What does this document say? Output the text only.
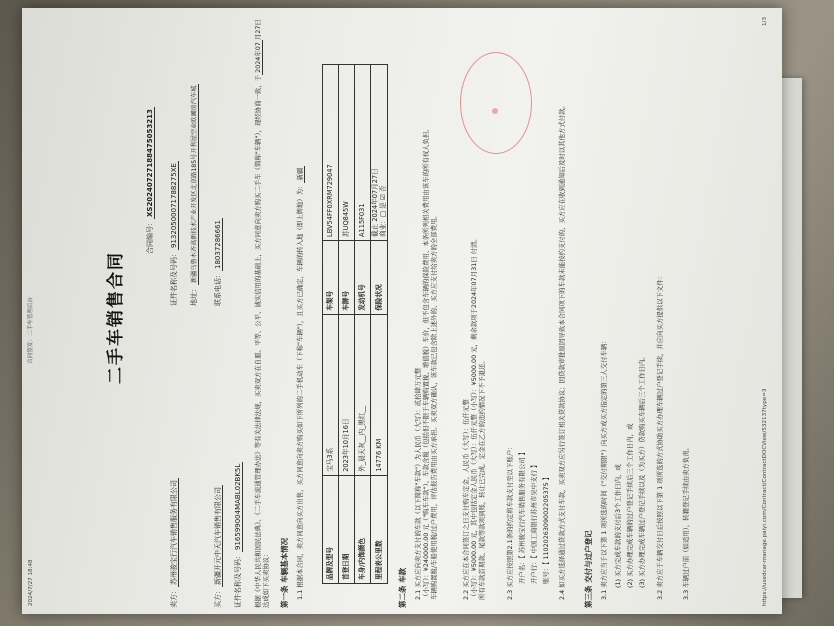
2024/7/27 18:48
合同签发：二手车管理后台
1/3
二手车销售合同
合同编号：XS20240727188475053213
卖方：苏州骏宝行汽车销售服务有限公司
证件名称及号码：91320500071788275XE
地址：新疆乌鲁木齐高新技术产业开发区北京路185号开利屋空业欧圃房汽车城
买方：新疆开元中天汽车销售有限公司 证件名称及号码：916599004MABL02BK5L
联系电话：18037286661	根据《中华人民共和国民法典》、《二手车流通管理办法》等有关法律法规，买卖双方在自愿、平等、公平、诚实信用的基础上，买方同意向卖方购买二手车（简称"车辆"），现经协商一致，于2024年07月27日 达成如下买卖协议： 第一条 车辆基本情况 1.1 根据本合同，卖方同意向买方出售，买方同意向卖方购买如下所列的二手机动车（下称"车辆"），且买方已确定，车辆的转入地（即上牌地）为：新疆
品牌及型号	宝马3系	车架号	LBV54FF0XRM729047
首登日期	2023年10月16日	车牌号	苏UQ845W
车身/内饰颜色	外_晨天灰__内_黑红__	发动机号	A115F031
里程表公里数	14776 KM	保险状况	截止 2024年07月27日 商业：□ 是 ☑ 否
第二条 车款 2.1 买方应向卖方支付的车款（以下简称"车款"）为人民币（大写）：贰拾肆万元整 （小写）：¥240000.00 元（"购车车款"）。车款含税（包括但不限于车辆购置税、增值税）车价，但不包含车辆的保险费用、本条所列相关费用由该车的所有权人负担。 车辆购置税/车船使用税/过户费用，评估报告费用由买方承担。买卖双方确认，该车款已包含除上述外的、买方应支付给卖方的全部费用。	2.2 买方应在本合同签订之日支付购车定金，人民币（大写）：伍仟元整 （小写）：¥5000.00 元，其中包括定金人民币（大写）：伍仟元整（小写）：¥5000.00 元，剩余款项于2024年07月31日 付清。 所有车款首期款、尾款等款项到账，转让已完成。定金在乙方的违约情况下不予退还。	2.3 买方应按照第2.1条的约定将车款支付至以下账户： 开户名：【 苏州骏宝行汽车销售服务有限公司 】 开户行：【 中国工商银行苏州市吴中支行 】 账号：【 1102026309002205375 】 2.4 如买方选择通过贷款方式支付车款，买卖双方应另行签订相关贷款协议；因贷款审批原因导致本合同项下的车款未能按约支付的，买方应在收到通知后及时以其他方式付款。 第三条 交付与过户登记 3.1 卖方应当于以下第 1 项所选的时间（"交付期限"）向买方或买方指定的第三人交付车辆： (1) 买方完成车款的支付后3个工作日内，或 (2) 买方办理完成车辆的过户登记手续后三个工作日内，或 (3) 买方办理完成车辆过户登记手续以及（为买方）贷款购买车辆后三个工作日内。 3.2 卖方应于车辆交付日后按照以下第 1 项所选的方式协助买方办理车辆过户登记手续，并应向买方提供以下文件：	3.3 车辆过户前（如适用），转籍登记手续由卖方负责。	https://usedcar-manage.paiyi.com/Contract/ContractDOCView/532137type=3
